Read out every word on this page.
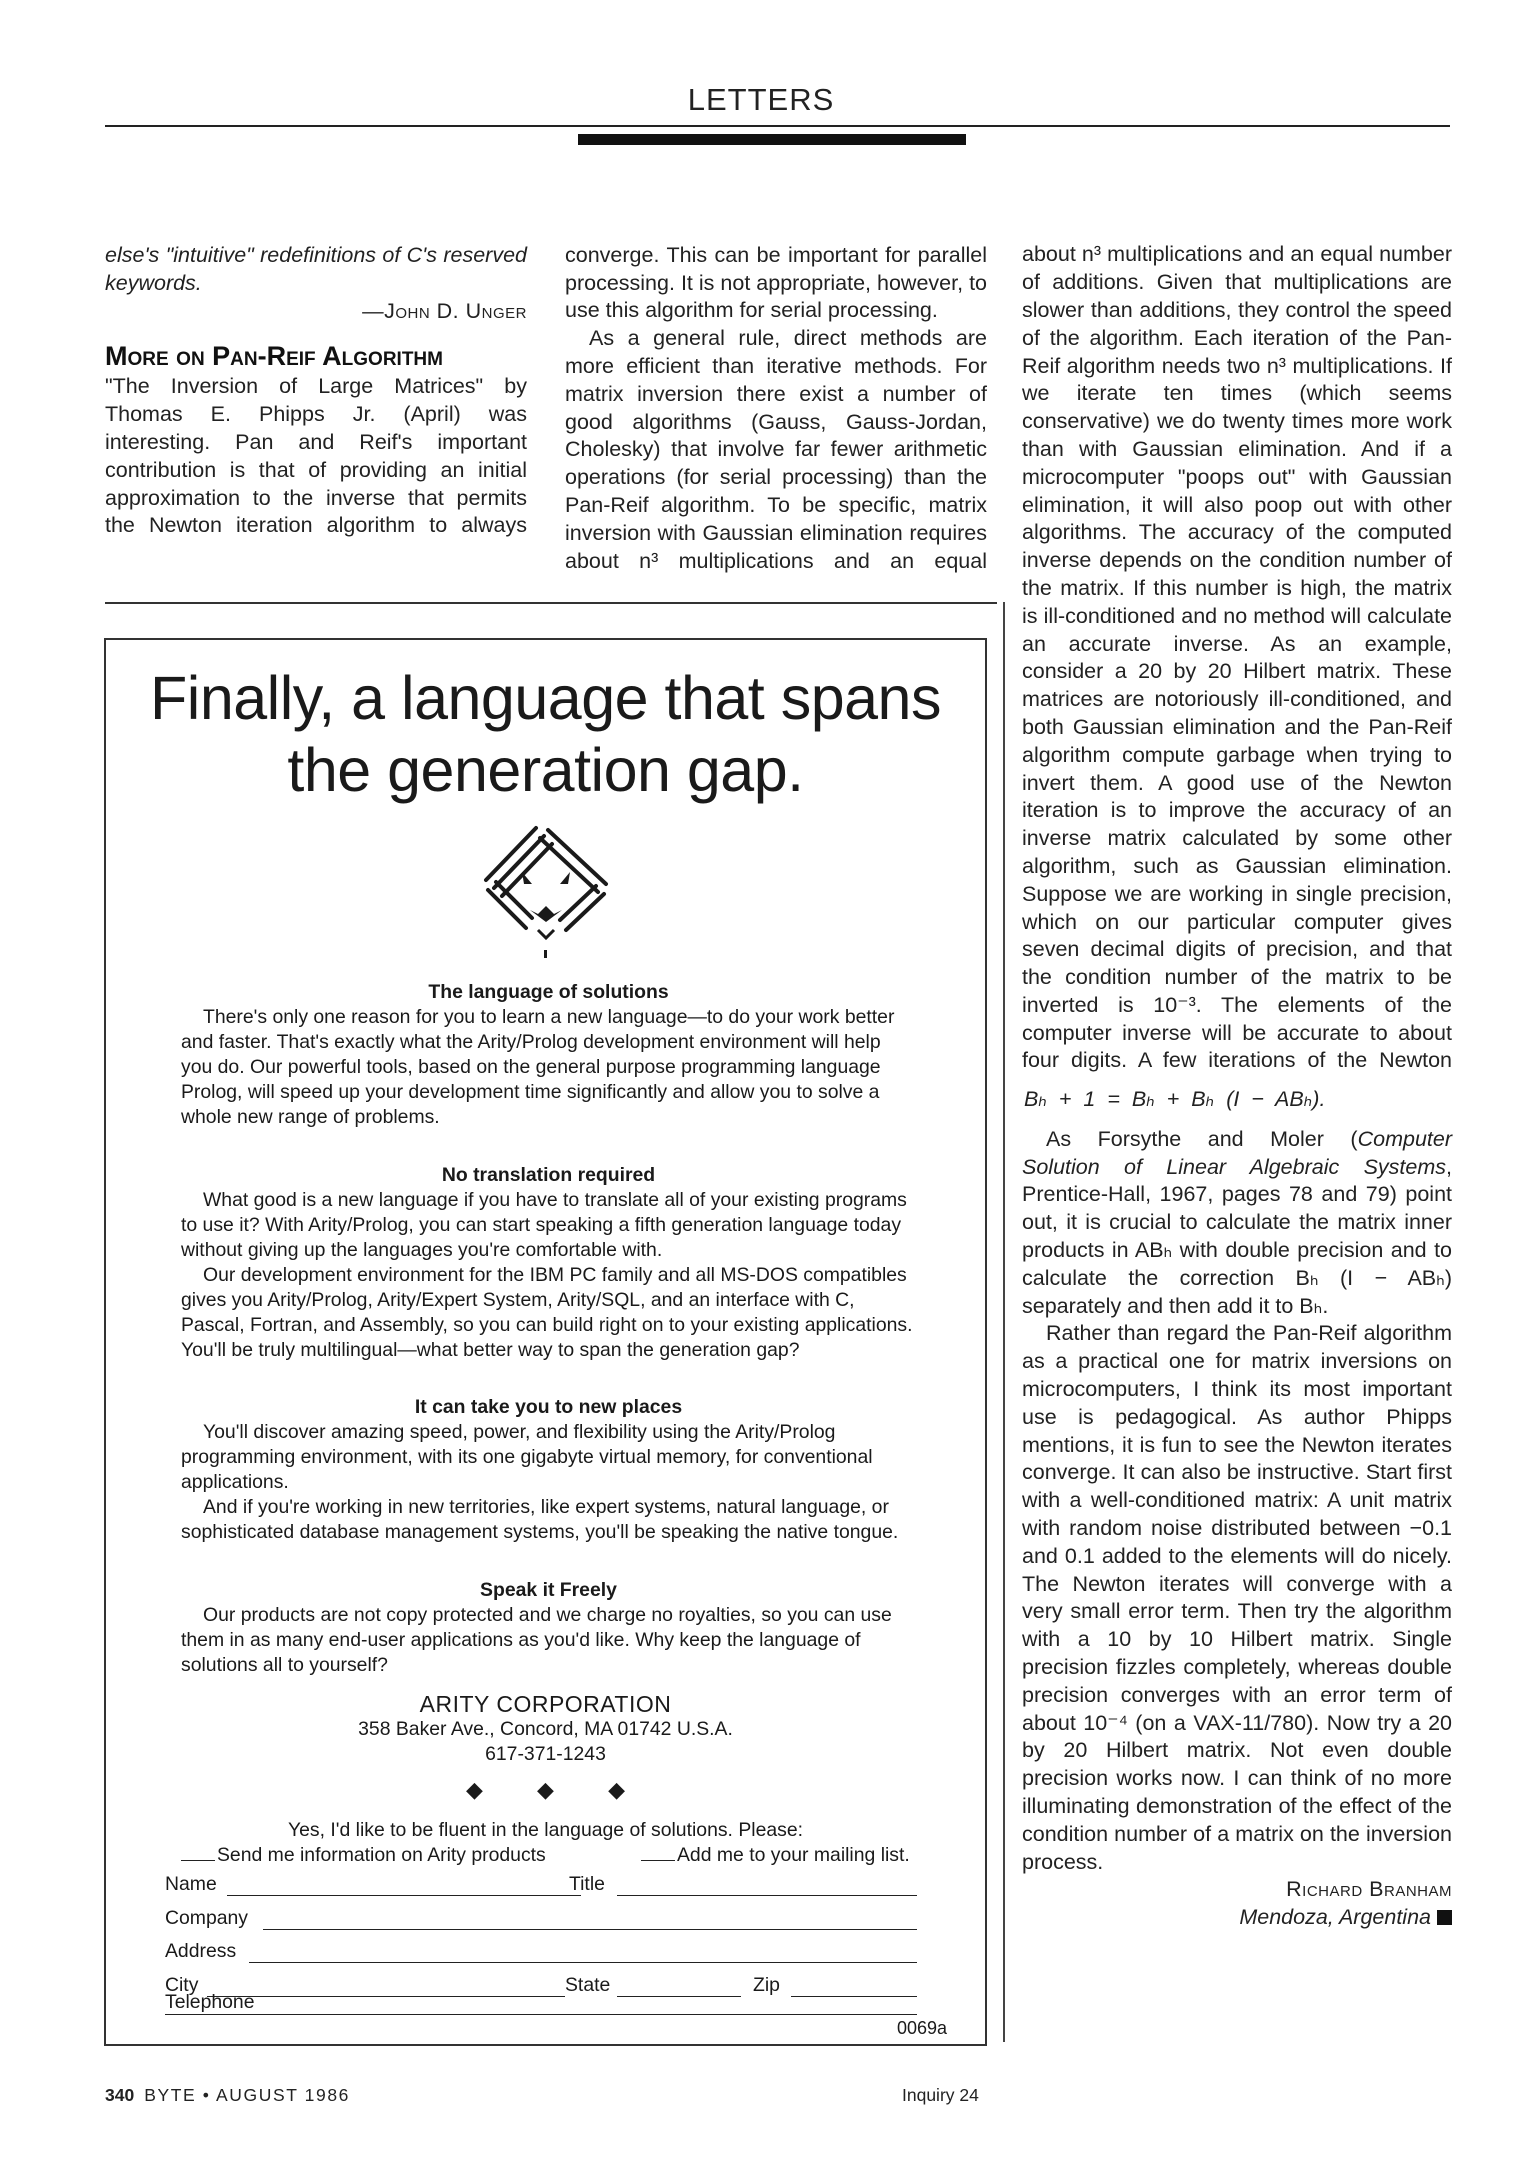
LETTERS

else's "intuitive" redefinitions of C's reserved keywords.

—John D. Unger

More on Pan-Reif Algorithm

"The Inversion of Large Matrices" by Thomas E. Phipps Jr. (April) was interesting. Pan and Reif's important contribution is that of providing an initial approximation to the inverse that permits the Newton iteration algorithm to always

converge. This can be important for parallel processing. It is not appropriate, however, to use this algorithm for serial processing.

As a general rule, direct methods are more efficient than iterative methods. For matrix inversion there exist a number of good algorithms (Gauss, Gauss-Jordan, Cholesky) that involve far fewer arithmetic operations (for serial processing) than the Pan-Reif algorithm. To be specific, matrix inversion with Gaussian elimination requires about n³ multiplications and an equal

about n³ multiplications and an equal number of additions. Given that multiplications are slower than additions, they control the speed of the algorithm. Each iteration of the Pan-Reif algorithm needs two n³ multiplications. If we iterate ten times (which seems conservative) we do twenty times more work than with Gaussian elimination. And if a microcomputer "poops out" with Gaussian elimination, it will also poop out with other algorithms. The accuracy of the computed inverse depends on the condition number of the matrix. If this number is high, the matrix is ill-conditioned and no method will calculate an accurate inverse. As an example, consider a 20 by 20 Hilbert matrix. These matrices are notoriously ill-conditioned, and both Gaussian elimination and the Pan-Reif algorithm compute garbage when trying to invert them. A good use of the Newton iteration is to improve the accuracy of an inverse matrix calculated by some other algorithm, such as Gaussian elimination. Suppose we are working in single precision, which on our particular computer gives seven decimal digits of precision, and that the condition number of the matrix to be inverted is 10⁻³. The elements of the computer inverse will be accurate to about four digits. A few iterations of the Newton

Bₕ + 1 = Bₕ + Bₕ (I − ABₕ).

As Forsythe and Moler (Computer Solution of Linear Algebraic Systems, Prentice-Hall, 1967, pages 78 and 79) point out, it is crucial to calculate the matrix inner products in ABₕ with double precision and to calculate the correction Bₕ (I − ABₕ) separately and then add it to Bₕ.

Rather than regard the Pan-Reif algorithm as a practical one for matrix inversions on microcomputers, I think its most important use is pedagogical. As author Phipps mentions, it is fun to see the Newton iterates converge. It can also be instructive. Start first with a well-conditioned matrix: A unit matrix with random noise distributed between −0.1 and 0.1 added to the elements will do nicely. The Newton iterates will converge with a very small error term. Then try the algorithm with a 10 by 10 Hilbert matrix. Single precision fizzles completely, whereas double precision converges with an error term of about 10⁻⁴ (on a VAX-11/780). Now try a 20 by 20 Hilbert matrix. Not even double precision works now. I can think of no more illuminating demonstration of the effect of the condition number of a matrix on the inversion process.

Richard Branham

Mendoza, Argentina

Finally, a language that spans
the generation gap.

The language of solutions

There's only one reason for you to learn a new language—to do your work better and faster. That's exactly what the Arity/Prolog development environment will help you do. Our powerful tools, based on the general purpose programming language Prolog, will speed up your development time significantly and allow you to solve a whole new range of problems.

No translation required

What good is a new language if you have to translate all of your existing programs to use it? With Arity/Prolog, you can start speaking a fifth generation language today without giving up the languages you're comfortable with.

Our development environment for the IBM PC family and all MS-DOS compatibles gives you Arity/Prolog, Arity/Expert System, Arity/SQL, and an interface with C, Pascal, Fortran, and Assembly, so you can build right on to your existing applications. You'll be truly multilingual—what better way to span the generation gap?

It can take you to new places

You'll discover amazing speed, power, and flexibility using the Arity/Prolog programming environment, with its one gigabyte virtual memory, for conventional applications.

And if you're working in new territories, like expert systems, natural language, or sophisticated database management systems, you'll be speaking the native tongue.

Speak it Freely

Our products are not copy protected and we charge no royalties, so you can use them in as many end-user applications as you'd like. Why keep the language of solutions all to yourself?

ARITY CORPORATION

358 Baker Ave., Concord, MA 01742 U.S.A.

617-371-1243

◆ ◆ ◆
Yes, I'd like to be fluent in the language of solutions. Please:
Send me information on Arity products	Add me to your mailing list.
Name	Title
Company
Address
City	State	Zip
Telephone
0069a
340 BYTE • AUGUST 1986	Inquiry 24
